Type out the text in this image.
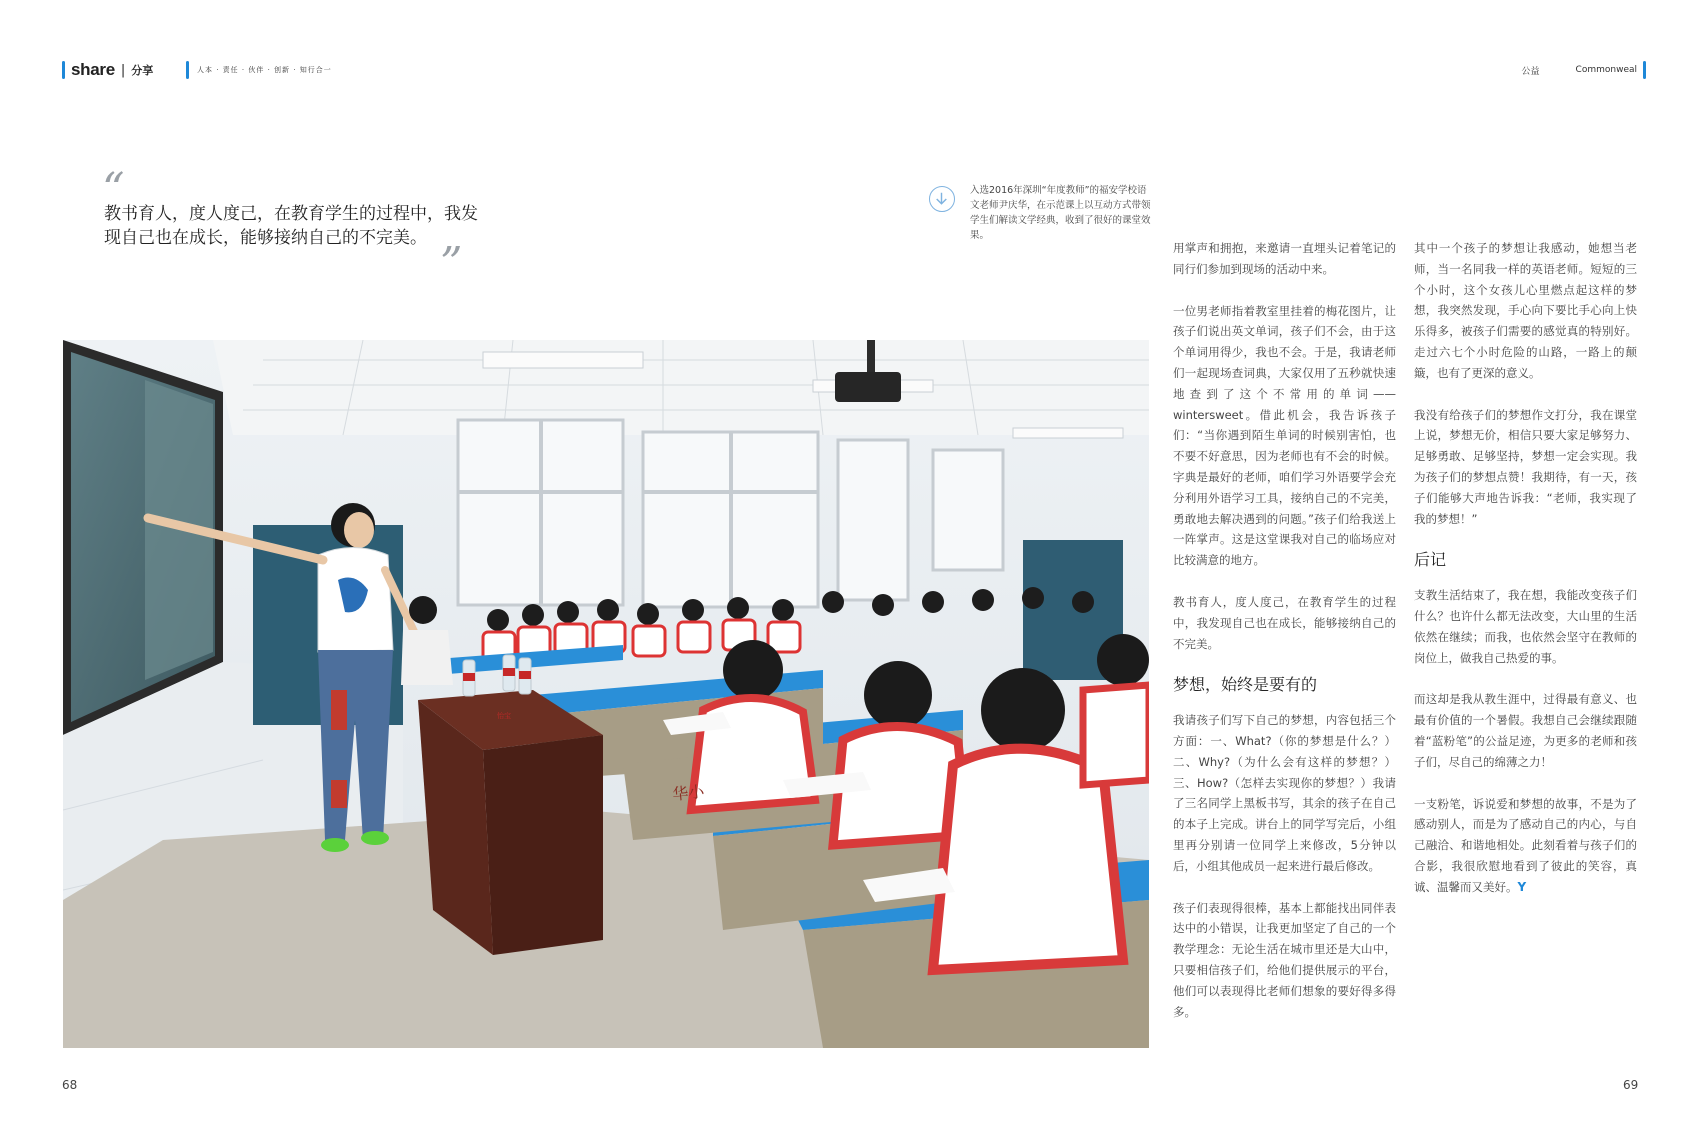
share | 分享	人本 · 责任 · 伙伴 · 创新 · 知行合一	公益	Commonweal
“
教书育人，度人度己，在教育学生的过程中，我发现自己也在成长，能够接纳自己的不完美。 ”
入选2016年深圳“年度教师”的福安学校语文老师尹庆华，在示范课上以互动方式带领学生们解读文学经典，收到了很好的课堂效果。
怡宝
华小

用掌声和拥抱，来邀请一直埋头记着笔记的同行们参加到现场的活动中来。

一位男老师指着教室里挂着的梅花图片，让孩子们说出英文单词，孩子们不会，由于这个单词用得少，我也不会。于是，我请老师们一起现场查词典，大家仅用了五秒就快速地查到了这个不常用的单词——wintersweet。借此机会，我告诉孩子们：“当你遇到陌生单词的时候别害怕，也不要不好意思，因为老师也有不会的时候。字典是最好的老师，咱们学习外语要学会充分利用外语学习工具，接纳自己的不完美，勇敢地去解决遇到的问题。”孩子们给我送上一阵掌声。这是这堂课我对自己的临场应对比较满意的地方。

教书育人，度人度己，在教育学生的过程中，我发现自己也在成长，能够接纳自己的不完美。

梦想，始终是要有的

我请孩子们写下自己的梦想，内容包括三个方面：一、What?（你的梦想是什么？）二、Why?（为什么会有这样的梦想？）三、How?（怎样去实现你的梦想？）我请了三名同学上黑板书写，其余的孩子在自己的本子上完成。讲台上的同学写完后，小组里再分别请一位同学上来修改，5分钟以后，小组其他成员一起来进行最后修改。

孩子们表现得很棒，基本上都能找出同伴表达中的小错误，让我更加坚定了自己的一个教学理念：无论生活在城市里还是大山中，只要相信孩子们，给他们提供展示的平台，他们可以表现得比老师们想象的要好得多得多。

其中一个孩子的梦想让我感动，她想当老师，当一名同我一样的英语老师。短短的三个小时，这个女孩儿心里燃点起这样的梦想，我突然发现，手心向下要比手心向上快乐得多，被孩子们需要的感觉真的特别好。走过六七个小时危险的山路，一路上的颠簸，也有了更深的意义。

我没有给孩子们的梦想作文打分，我在课堂上说，梦想无价，相信只要大家足够努力、足够勇敢、足够坚持，梦想一定会实现。我为孩子们的梦想点赞！我期待，有一天，孩子们能够大声地告诉我：“老师，我实现了我的梦想！”

后记

支教生活结束了，我在想，我能改变孩子们什么？也许什么都无法改变，大山里的生活依然在继续；而我，也依然会坚守在教师的岗位上，做我自己热爱的事。

而这却是我从教生涯中，过得最有意义、也最有价值的一个暑假。我想自己会继续跟随着“蓝粉笔”的公益足迹，为更多的老师和孩子们，尽自己的绵薄之力！

一支粉笔，诉说爱和梦想的故事，不是为了感动别人，而是为了感动自己的内心，与自己融洽、和谐地相处。此刻看着与孩子们的合影，我很欣慰地看到了彼此的笑容，真诚、温馨而又美好。Y

68	69
